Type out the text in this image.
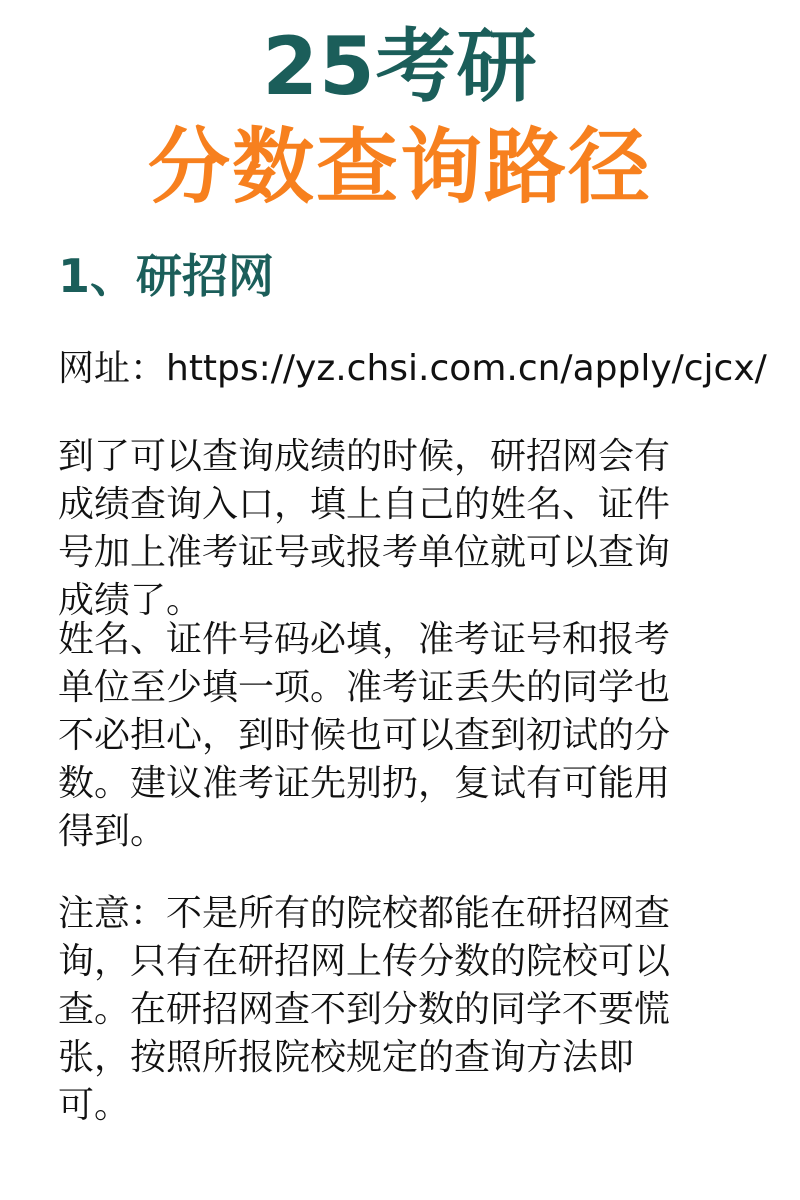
25考研
分数查询路径
1、研招网
网址：https://yz.chsi.com.cn/apply/cjcx/
到了可以查询成绩的时候，研招网会有
成绩查询入口，填上自己的姓名、证件
号加上准考证号或报考单位就可以查询
成绩了。
姓名、证件号码必填，准考证号和报考
单位至少填一项。准考证丢失的同学也
不必担心，到时候也可以查到初试的分
数。建议准考证先别扔，复试有可能用
得到。
注意：不是所有的院校都能在研招网查
询，只有在研招网上传分数的院校可以
查。在研招网查不到分数的同学不要慌
张，按照所报院校规定的查询方法即
可。
